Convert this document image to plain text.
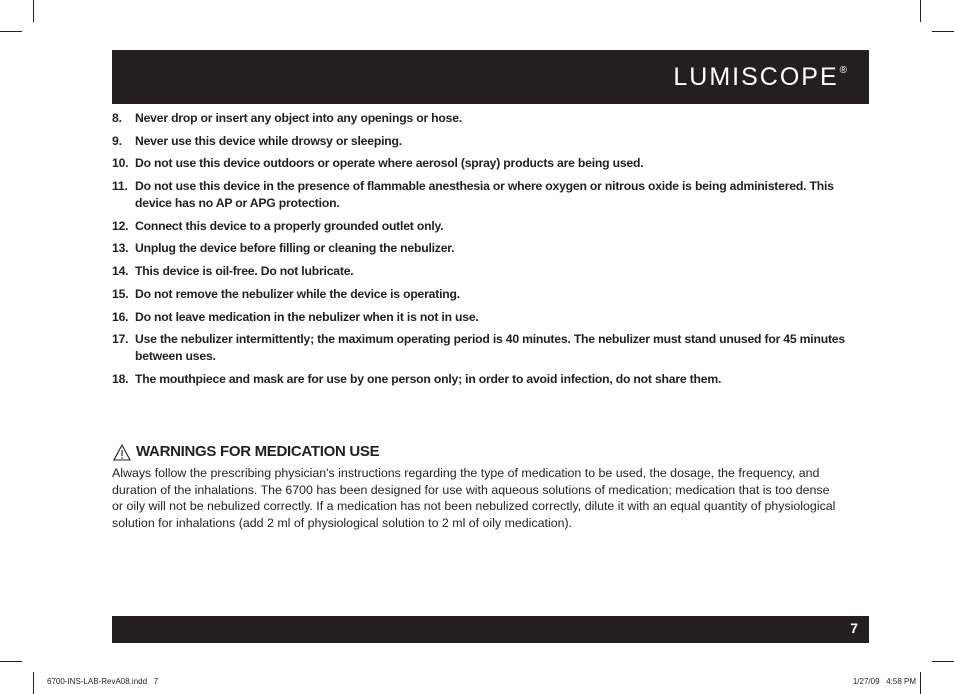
LUMISCOPE®
8. Never drop or insert any object into any openings or hose.
9. Never use this device while drowsy or sleeping.
10. Do not use this device outdoors or operate where aerosol (spray) products are being used.
11. Do not use this device in the presence of flammable anesthesia or where oxygen or nitrous oxide is being administered. This device has no AP or APG protection.
12. Connect this device to a properly grounded outlet only.
13. Unplug the device before filling or cleaning the nebulizer.
14. This device is oil-free. Do not lubricate.
15. Do not remove the nebulizer while the device is operating.
16. Do not leave medication in the nebulizer when it is not in use.
17. Use the nebulizer intermittently; the maximum operating period is 40 minutes. The nebulizer must stand unused for 45 minutes between uses.
18. The mouthpiece and mask are for use by one person only; in order to avoid infection, do not share them.
WARNINGS FOR MEDICATION USE

Always follow the prescribing physician's instructions regarding the type of medication to be used, the dosage, the frequency, and duration of the inhalations. The 6700 has been designed for use with aqueous solutions of medication; medication that is too dense or oily will not be nebulized correctly. If a medication has not been nebulized correctly, dilute it with an equal quantity of physiological solution for inhalations (add 2 ml of physiological solution to 2 ml of oily medication).

7
6700-INS-LAB-RevA08.indd   7	1/27/09   4:58 PM
